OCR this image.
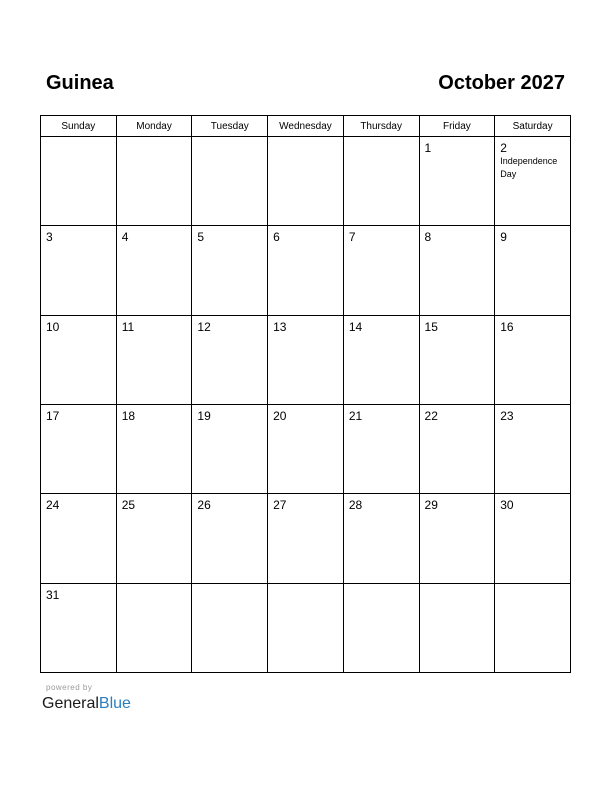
Guinea	October 2027
Sunday	Monday	Tuesday	Wednesday	Thursday	Friday	Saturday

					1	2
Independence Day

3	4	5	6	7	8	9

10	11	12	13	14	15	16

17	18	19	20	21	22	23

24	25	26	27	28	29	30

31						

powered by
GeneralBlue
